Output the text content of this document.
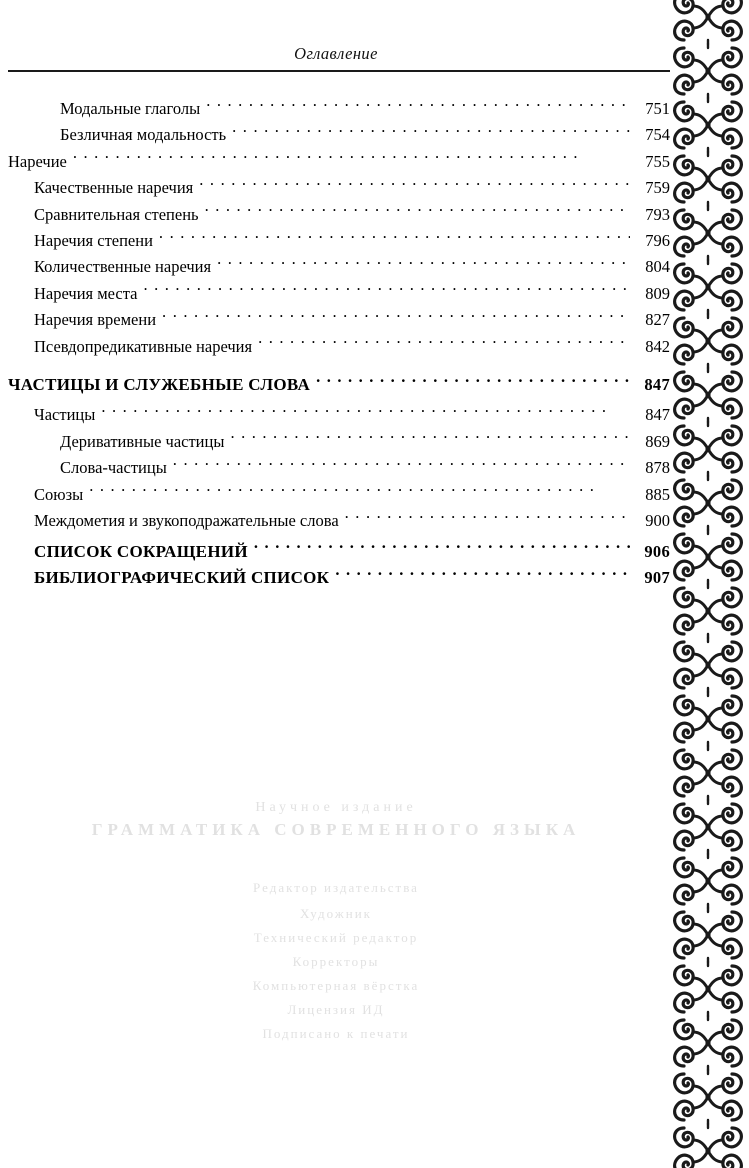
Оглавление
Модальные глаголы . .	751
Безличная модальность . .	754
Наречие . .	755
Качественные наречия . .	759
Сравнительная степень . .	793
Наречия степени . .	796
Количественные наречия . .	804
Наречия места . .	809
Наречия времени . .	827
Псевдопредикативные наречия . .	842
ЧАСТИЦЫ И СЛУЖЕБНЫЕ СЛОВА . .	847
Частицы . .	847
Деривативные частицы . .	869
Слова-частицы . .	878
Союзы . .	885
Междометия и звукоподражательные слова . .	900
СПИСОК СОКРАЩЕНИЙ . .	906
БИБЛИОГРАФИЧЕСКИЙ СПИСОК . .	907
Научное издание
ГРАММАТИКА СОВРЕМЕННОГО ЯЗЫКА
Редактор издательства
Художник
Технический редактор
Корректоры
Компьютерная вёрстка
Лицензия ИД
Подписано к печати
